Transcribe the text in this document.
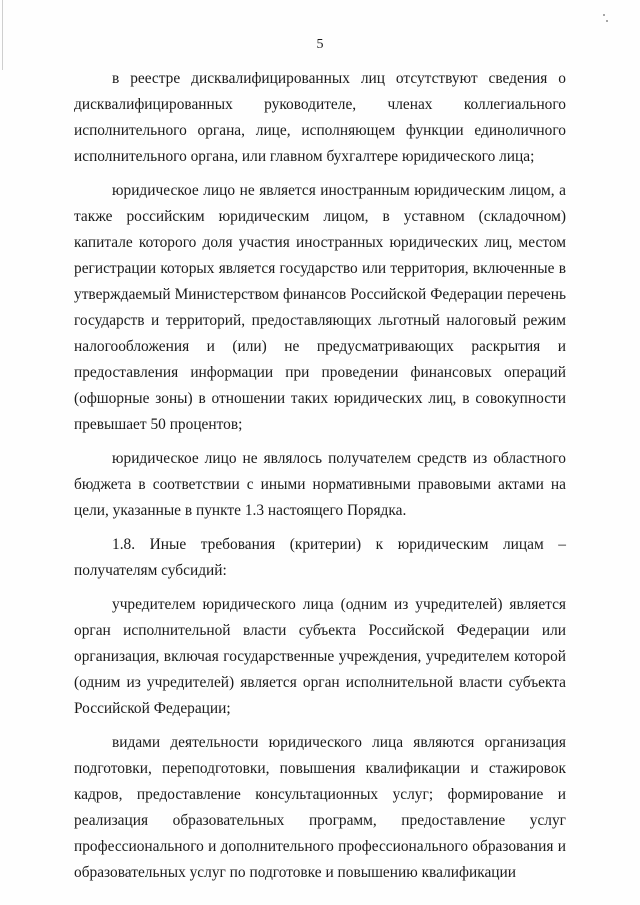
5

в реестре дисквалифицированных лиц отсутствуют сведения о дисквалифицированных руководителе, членах коллегиального исполнительного органа, лице, исполняющем функции единоличного исполнительного органа, или главном бухгалтере юридического лица;

юридическое лицо не является иностранным юридическим лицом, а также российским юридическим лицом, в уставном (складочном) капитале которого доля участия иностранных юридических лиц, местом регистрации которых является государство или территория, включенные в утверждаемый Министерством финансов Российской Федерации перечень государств и территорий, предоставляющих льготный налоговый режим налогообложения и (или) не предусматривающих раскрытия и предоставления информации при проведении финансовых операций (офшорные зоны) в отношении таких юридических лиц, в совокупности превышает 50 процентов;

юридическое лицо не являлось получателем средств из областного бюджета в соответствии с иными нормативными правовыми актами на цели, указанные в пункте 1.3 настоящего Порядка.

1.8. Иные требования (критерии) к юридическим лицам – получателям субсидий:

учредителем юридического лица (одним из учредителей) является орган исполнительной власти субъекта Российской Федерации или организация, включая государственные учреждения, учредителем которой (одним из учредителей) является орган исполнительной власти субъекта Российской Федерации;

видами деятельности юридического лица являются организация подготовки, переподготовки, повышения квалификации и стажировок кадров, предоставление консультационных услуг; формирование и реализация образовательных программ, предоставление услуг профессионального и дополнительного профессионального образования и образовательных услуг по подготовке и повышению квалификации
